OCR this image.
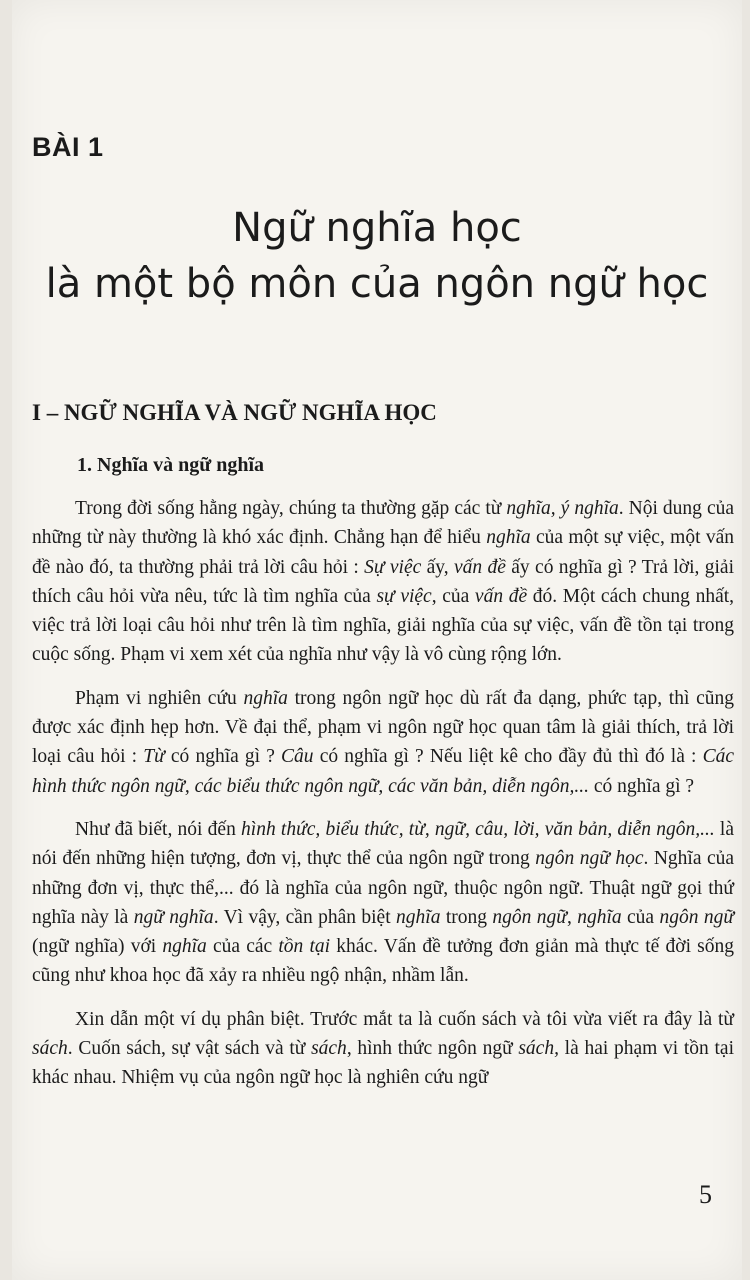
BÀI 1
Ngữ nghĩa học
là một bộ môn của ngôn ngữ học
I – NGỮ NGHĨA VÀ NGỮ NGHĨA HỌC
1. Nghĩa và ngữ nghĩa

Trong đời sống hằng ngày, chúng ta thường gặp các từ nghĩa, ý nghĩa. Nội dung của những từ này thường là khó xác định. Chẳng hạn để hiểu nghĩa của một sự việc, một vấn đề nào đó, ta thường phải trả lời câu hỏi : Sự việc ấy, vấn đề ấy có nghĩa gì ? Trả lời, giải thích câu hỏi vừa nêu, tức là tìm nghĩa của sự việc, của vấn đề đó. Một cách chung nhất, việc trả lời loại câu hỏi như trên là tìm nghĩa, giải nghĩa của sự việc, vấn đề tồn tại trong cuộc sống. Phạm vi xem xét của nghĩa như vậy là vô cùng rộng lớn.

Phạm vi nghiên cứu nghĩa trong ngôn ngữ học dù rất đa dạng, phức tạp, thì cũng được xác định hẹp hơn. Về đại thể, phạm vi ngôn ngữ học quan tâm là giải thích, trả lời loại câu hỏi : Từ có nghĩa gì ? Câu có nghĩa gì ? Nếu liệt kê cho đầy đủ thì đó là : Các hình thức ngôn ngữ, các biểu thức ngôn ngữ, các văn bản, diễn ngôn,... có nghĩa gì ?

Như đã biết, nói đến hình thức, biểu thức, từ, ngữ, câu, lời, văn bản, diễn ngôn,... là nói đến những hiện tượng, đơn vị, thực thể của ngôn ngữ trong ngôn ngữ học. Nghĩa của những đơn vị, thực thể,... đó là nghĩa của ngôn ngữ, thuộc ngôn ngữ. Thuật ngữ gọi thứ nghĩa này là ngữ nghĩa. Vì vậy, cần phân biệt nghĩa trong ngôn ngữ, nghĩa của ngôn ngữ (ngữ nghĩa) với nghĩa của các tồn tại khác. Vấn đề tưởng đơn giản mà thực tế đời sống cũng như khoa học đã xảy ra nhiều ngộ nhận, nhầm lẫn.

Xin dẫn một ví dụ phân biệt. Trước mắt ta là cuốn sách và tôi vừa viết ra đây là từ sách. Cuốn sách, sự vật sách và từ sách, hình thức ngôn ngữ sách, là hai phạm vi tồn tại khác nhau. Nhiệm vụ của ngôn ngữ học là nghiên cứu ngữ

5
